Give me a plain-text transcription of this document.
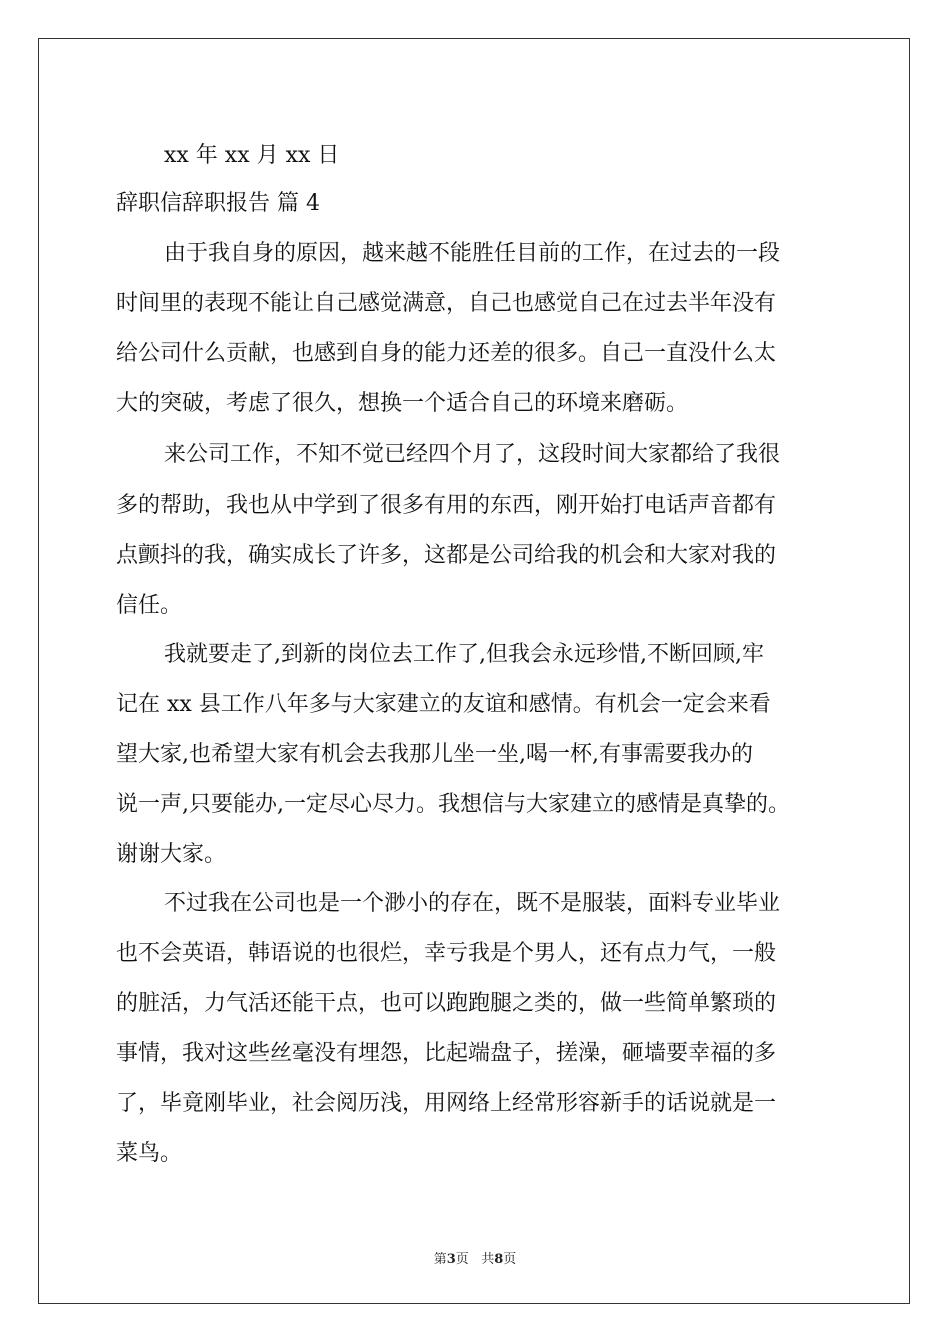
xx 年 xx 月 xx 日
辞职信辞职报告 篇 4
由于我自身的原因，越来越不能胜任目前的工作，在过去的一段
时间里的表现不能让自己感觉满意，自己也感觉自己在过去半年没有
给公司什么贡献，也感到自身的能力还差的很多。自己一直没什么太
大的突破，考虑了很久，想换一个适合自己的环境来磨砺。
来公司工作，不知不觉已经四个月了，这段时间大家都给了我很
多的帮助，我也从中学到了很多有用的东西，刚开始打电话声音都有
点颤抖的我，确实成长了许多，这都是公司给我的机会和大家对我的
信任。
我就要走了,到新的岗位去工作了,但我会永远珍惜,不断回顾,牢
记在 xx 县工作八年多与大家建立的友谊和感情。有机会一定会来看
望大家,也希望大家有机会去我那儿坐一坐,喝一杯,有事需要我办的
说一声,只要能办,一定尽心尽力。我想信与大家建立的感情是真挚的。
谢谢大家。
不过我在公司也是一个渺小的存在，既不是服装，面料专业毕业
也不会英语，韩语说的也很烂，幸亏我是个男人，还有点力气，一般
的脏活，力气活还能干点，也可以跑跑腿之类的，做一些简单繁琐的
事情，我对这些丝毫没有埋怨，比起端盘子，搓澡，砸墙要幸福的多
了，毕竟刚毕业，社会阅历浅，用网络上经常形容新手的话说就是一
菜鸟。
第3页 共8页
